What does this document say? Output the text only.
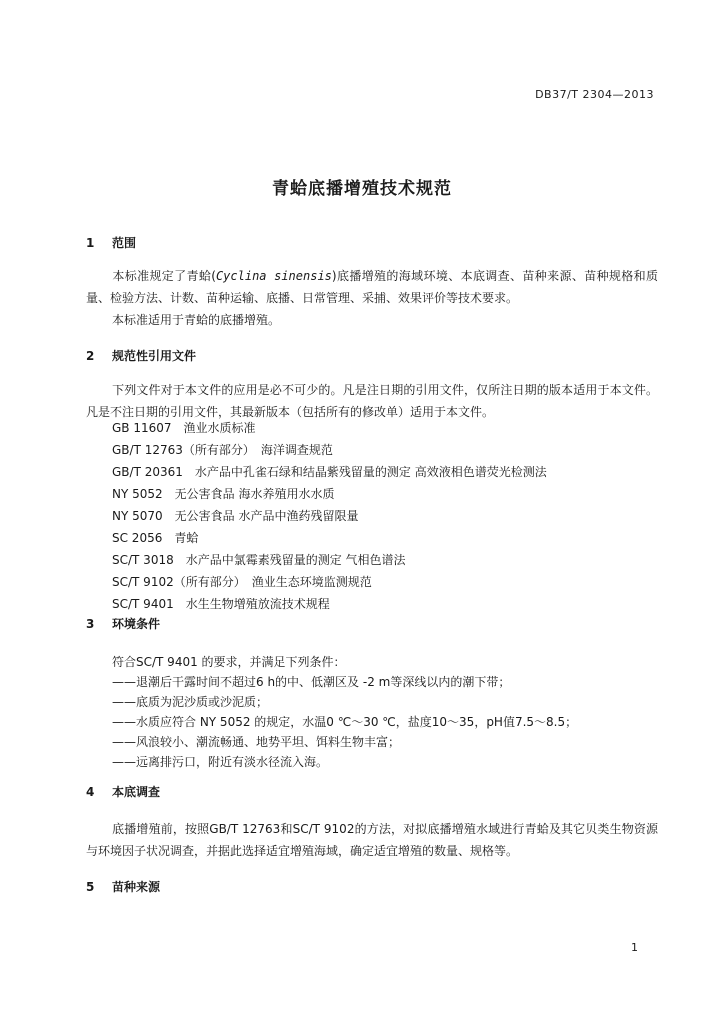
DB37/T 2304—2013
青蛤底播增殖技术规范
1 范围
本标准规定了青蛤(Cyclina sinensis)底播增殖的海域环境、本底调查、苗种来源、苗种规格和质量、检验方法、计数、苗种运输、底播、日常管理、采捕、效果评价等技术要求。
本标准适用于青蛤的底播增殖。
2 规范性引用文件
下列文件对于本文件的应用是必不可少的。凡是注日期的引用文件，仅所注日期的版本适用于本文件。凡是不注日期的引用文件，其最新版本（包括所有的修改单）适用于本文件。
GB 11607　渔业水质标准
GB/T 12763（所有部分）　海洋调查规范
GB/T 20361　水产品中孔雀石绿和结晶紫残留量的测定 高效液相色谱荧光检测法
NY 5052　无公害食品 海水养殖用水水质
NY 5070　无公害食品 水产品中渔药残留限量
SC 2056　青蛤
SC/T 3018　水产品中氯霉素残留量的测定 气相色谱法
SC/T 9102（所有部分）　渔业生态环境监测规范
SC/T 9401　水生生物增殖放流技术规程
3 环境条件
符合SC/T 9401 的要求，并满足下列条件：
——退潮后干露时间不超过6 h的中、低潮区及 -2 m等深线以内的潮下带；
——底质为泥沙质或沙泥质；
——水质应符合 NY 5052 的规定，水温0 ℃～30 ℃，盐度10～35，pH值7.5～8.5；
——风浪较小、潮流畅通、地势平坦、饵料生物丰富；
——远离排污口，附近有淡水径流入海。
4 本底调查
底播增殖前，按照GB/T 12763和SC/T 9102的方法，对拟底播增殖水域进行青蛤及其它贝类生物资源与环境因子状况调查，并据此选择适宜增殖海域，确定适宜增殖的数量、规格等。
5 苗种来源
1
